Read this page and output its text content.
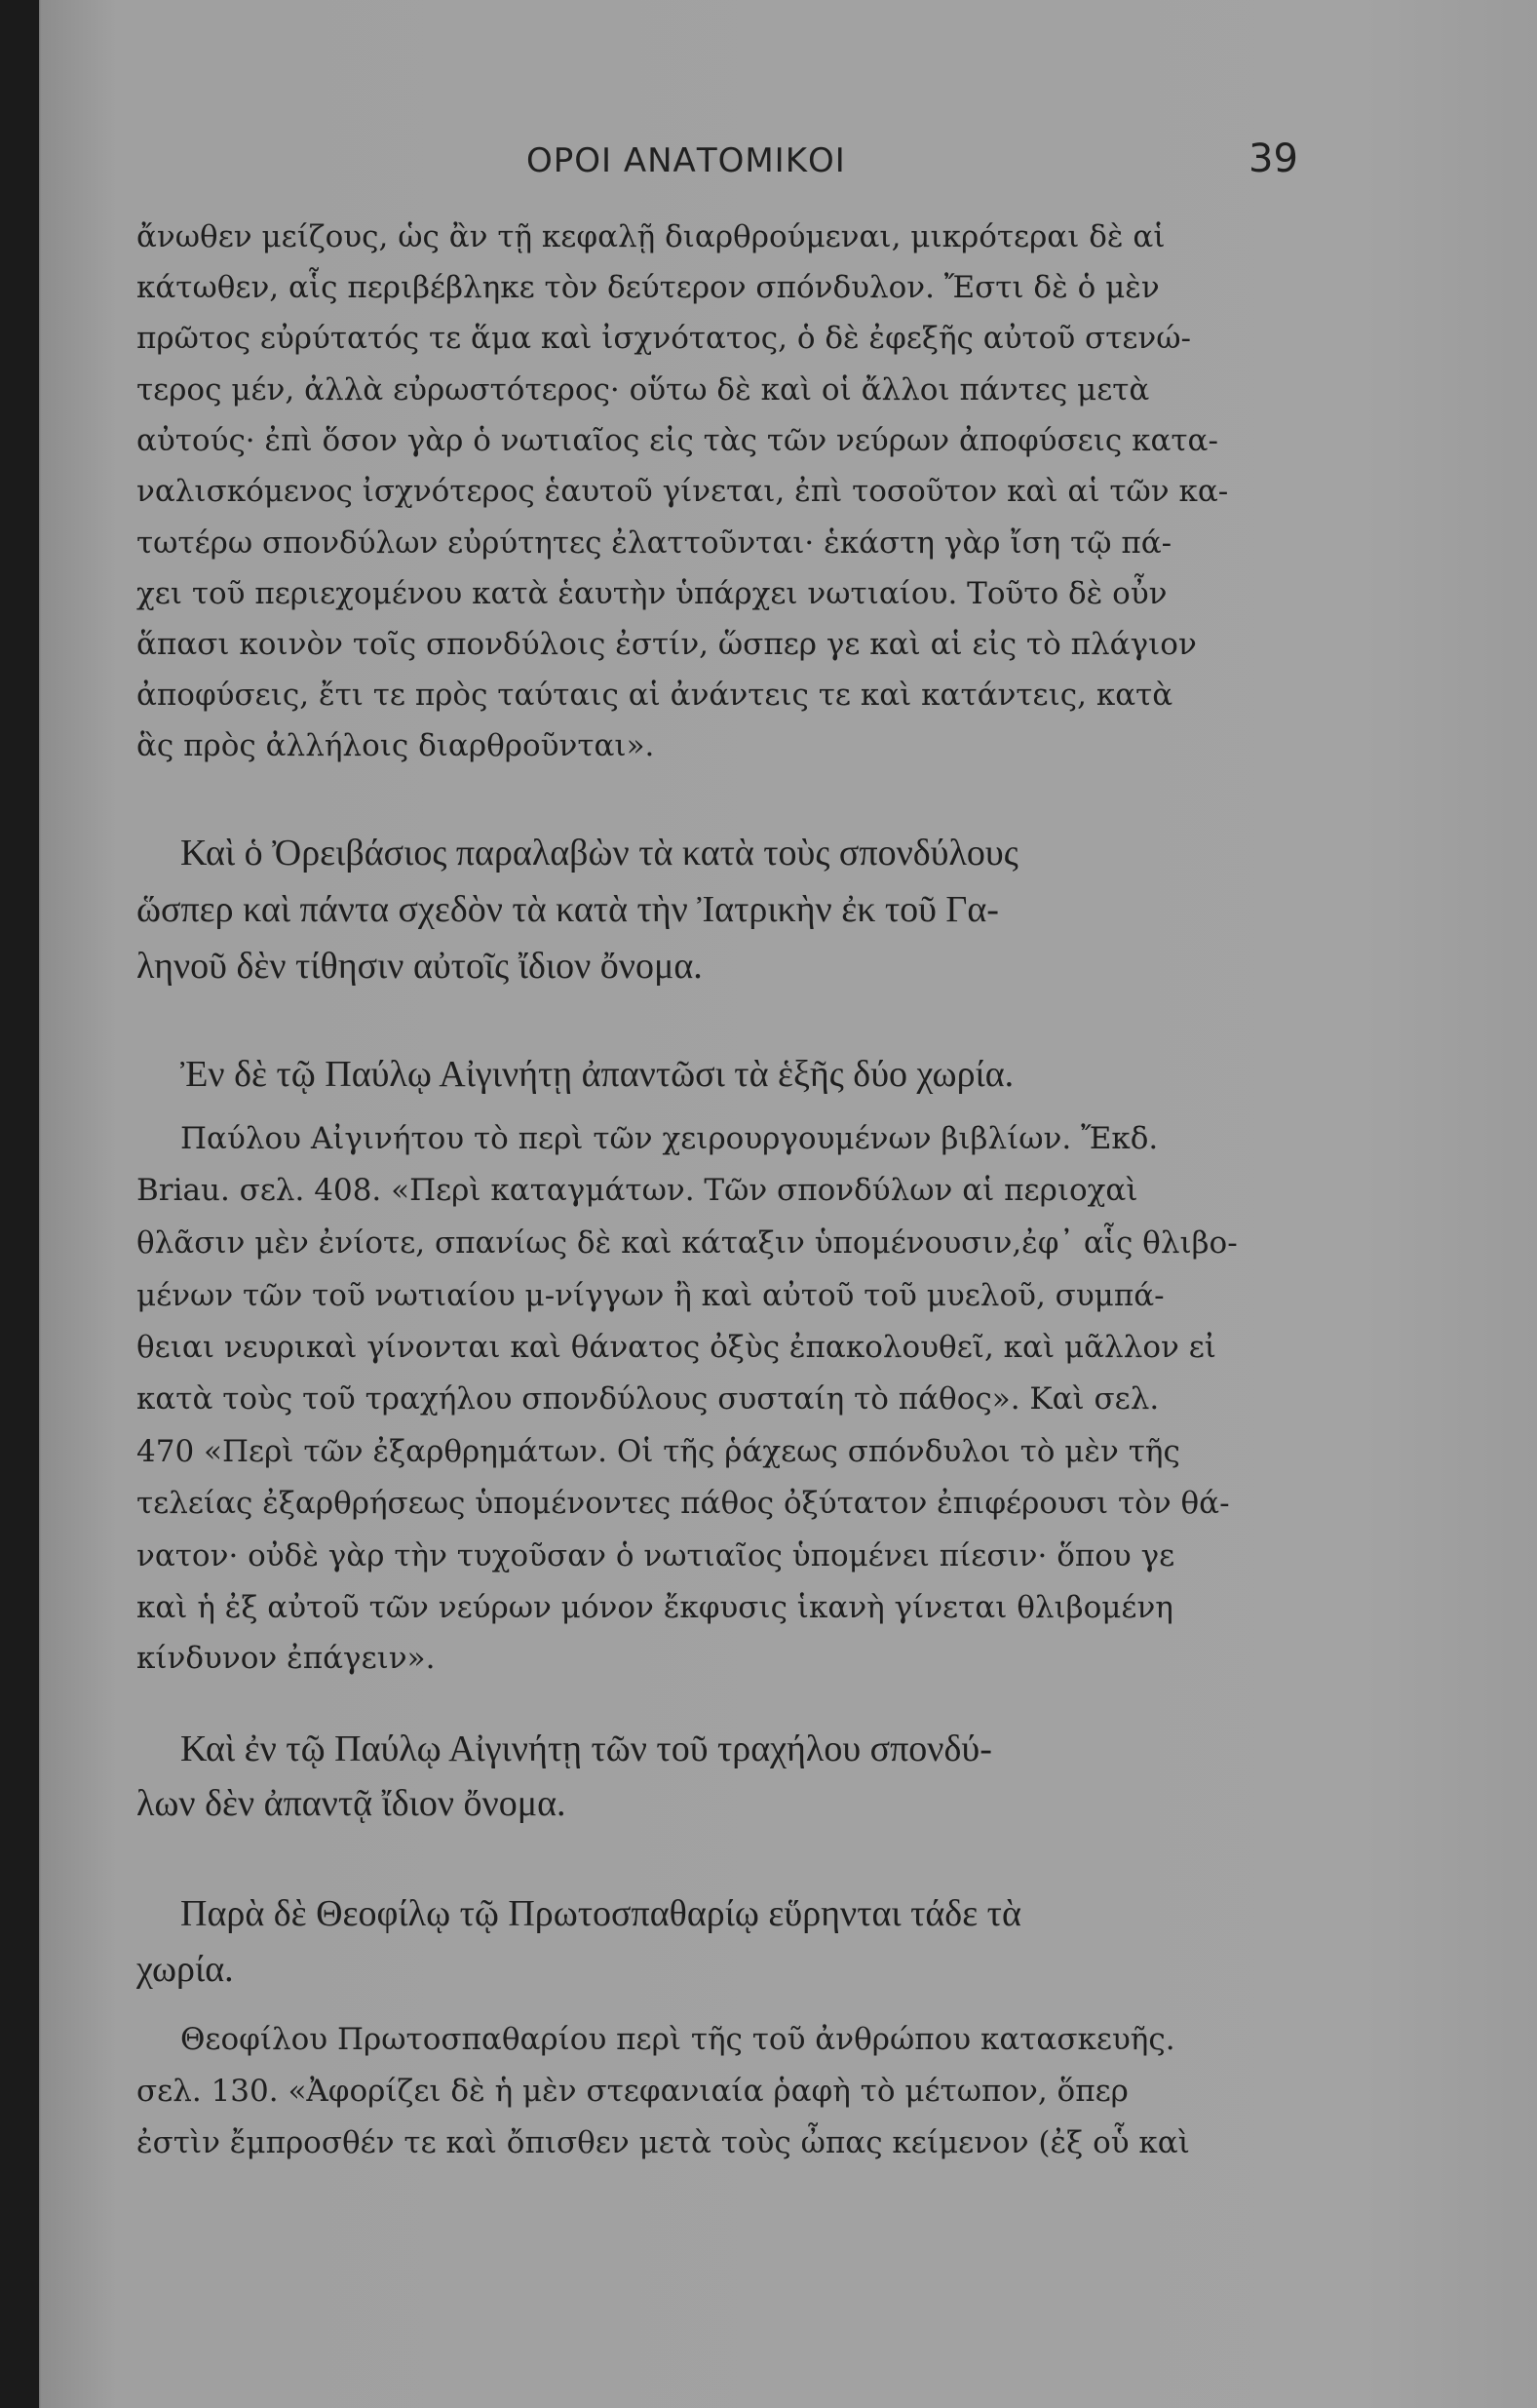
ΟΡΟΙ ΑΝΑΤΟΜΙΚΟΙ	39
ἄνωθεν μείζους, ὡς ἂν τῇ κεφαλῇ διαρθρούμεναι, μικρότεραι δὲ αἱ
κάτωθεν, αἷς περιβέβληκε τὸν δεύτερον σπόνδυλον. Ἔστι δὲ ὁ μὲν
πρῶτος εὐρύτατός τε ἅμα καὶ ἰσχνότατος, ὁ δὲ ἐφεξῆς αὐτοῦ στενώ-
τερος μέν, ἀλλὰ εὐρωστότερος· οὕτω δὲ καὶ οἱ ἄλλοι πάντες μετὰ
αὐτούς· ἐπὶ ὅσον γὰρ ὁ νωτιαῖος εἰς τὰς τῶν νεύρων ἀποφύσεις κατα-
ναλισκόμενος ἰσχνότερος ἑαυτοῦ γίνεται, ἐπὶ τοσοῦτον καὶ αἱ τῶν κα-
τωτέρω σπονδύλων εὐρύτητες ἐλαττοῦνται· ἑκάστη γὰρ ἴση τῷ πά-
χει τοῦ περιεχομένου κατὰ ἑαυτὴν ὑπάρχει νωτιαίου. Τοῦτο δὲ οὖν
ἅπασι κοινὸν τοῖς σπονδύλοις ἐστίν, ὥσπερ γε καὶ αἱ εἰς τὸ πλάγιον
ἀποφύσεις, ἔτι τε πρὸς ταύταις αἱ ἀνάντεις τε καὶ κατάντεις, κατὰ
ἃς πρὸς ἀλλήλοις διαρθροῦνται».
Καὶ ὁ Ὀρειβάσιος παραλαβὼν τὰ κατὰ τοὺς σπονδύλους
ὥσπερ καὶ πάντα σχεδὸν τὰ κατὰ τὴν Ἰατρικὴν ἐκ τοῦ Γα-
ληνοῦ δὲν τίθησιν αὐτοῖς ἴδιον ὄνομα.
Ἐν δὲ τῷ Παύλῳ Αἰγινήτῃ ἀπαντῶσι τὰ ἑξῆς δύο χωρία.
Παύλου Αἰγινήτου τὸ περὶ τῶν χειρουργουμένων βιβλίων. Ἔκδ.
Briau. σελ. 408. «Περὶ καταγμάτων. Τῶν σπονδύλων αἱ περιοχαὶ
θλᾶσιν μὲν ἐνίοτε, σπανίως δὲ καὶ κάταξιν ὑπομένουσιν,ἐφ᾽ αἷς θλιβο-
μένων τῶν τοῦ νωτιαίου μ-νίγγων ἢ καὶ αὐτοῦ τοῦ μυελοῦ, συμπά-
θειαι νευρικαὶ γίνονται καὶ θάνατος ὀξὺς ἐπακολουθεῖ, καὶ μᾶλλον εἰ
κατὰ τοὺς τοῦ τραχήλου σπονδύλους συσταίη τὸ πάθος». Καὶ σελ.
470 «Περὶ τῶν ἐξαρθρημάτων. Οἱ τῆς ῥάχεως σπόνδυλοι τὸ μὲν τῆς
τελείας ἐξαρθρήσεως ὑπομένοντες πάθος ὀξύτατον ἐπιφέρουσι τὸν θά-
νατον· οὐδὲ γὰρ τὴν τυχοῦσαν ὁ νωτιαῖος ὑπομένει πίεσιν· ὅπου γε
καὶ ἡ ἐξ αὐτοῦ τῶν νεύρων μόνον ἔκφυσις ἱκανὴ γίνεται θλιβομένη
κίνδυνον ἐπάγειν».
Καὶ ἐν τῷ Παύλῳ Αἰγινήτῃ τῶν τοῦ τραχήλου σπονδύ-
λων δὲν ἀπαντᾷ ἴδιον ὄνομα.
Παρὰ δὲ Θεοφίλῳ τῷ Πρωτοσπαθαρίῳ εὕρηνται τάδε τὰ
χωρία.
Θεοφίλου Πρωτοσπαθαρίου περὶ τῆς τοῦ ἀνθρώπου κατασκευῆς.
σελ. 130. «Ἀφορίζει δὲ ἡ μὲν στεφανιαία ῥαφὴ τὸ μέτωπον, ὅπερ
ἐστὶν ἔμπροσθέν τε καὶ ὄπισθεν μετὰ τοὺς ὦπας κείμενον (ἐξ οὗ καὶ
